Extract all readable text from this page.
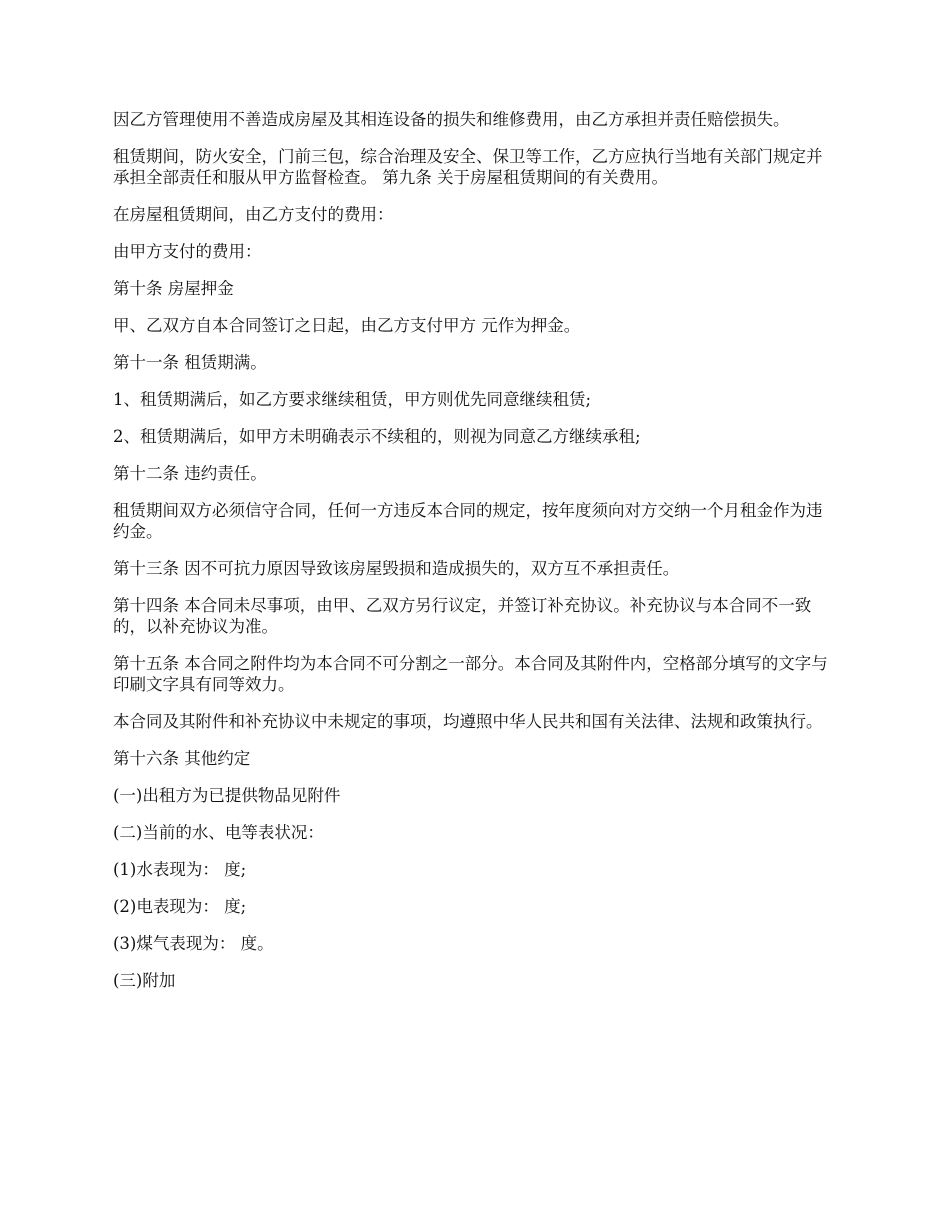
因乙方管理使用不善造成房屋及其相连设备的损失和维修费用，由乙方承担并责任赔偿损失。

租赁期间，防火安全，门前三包，综合治理及安全、保卫等工作，乙方应执行当地有关部门规定并承担全部责任和服从甲方监督检查。 第九条 关于房屋租赁期间的有关费用。

在房屋租赁期间，由乙方支付的费用：

由甲方支付的费用：

第十条 房屋押金

甲、乙双方自本合同签订之日起，由乙方支付甲方 元作为押金。

第十一条 租赁期满。

1、租赁期满后，如乙方要求继续租赁，甲方则优先同意继续租赁;

2、租赁期满后，如甲方未明确表示不续租的，则视为同意乙方继续承租;

第十二条 违约责任。

租赁期间双方必须信守合同，任何一方违反本合同的规定，按年度须向对方交纳一个月租金作为违约金。

第十三条 因不可抗力原因导致该房屋毁损和造成损失的，双方互不承担责任。

第十四条 本合同未尽事项，由甲、乙双方另行议定，并签订补充协议。补充协议与本合同不一致的，以补充协议为准。

第十五条 本合同之附件均为本合同不可分割之一部分。本合同及其附件内，空格部分填写的文字与印刷文字具有同等效力。

本合同及其附件和补充协议中未规定的事项，均遵照中华人民共和国有关法律、法规和政策执行。

第十六条 其他约定

(一)出租方为已提供物品见附件

(二)当前的水、电等表状况：

(1)水表现为： 度;

(2)电表现为： 度;

(3)煤气表现为： 度。

(三)附加
